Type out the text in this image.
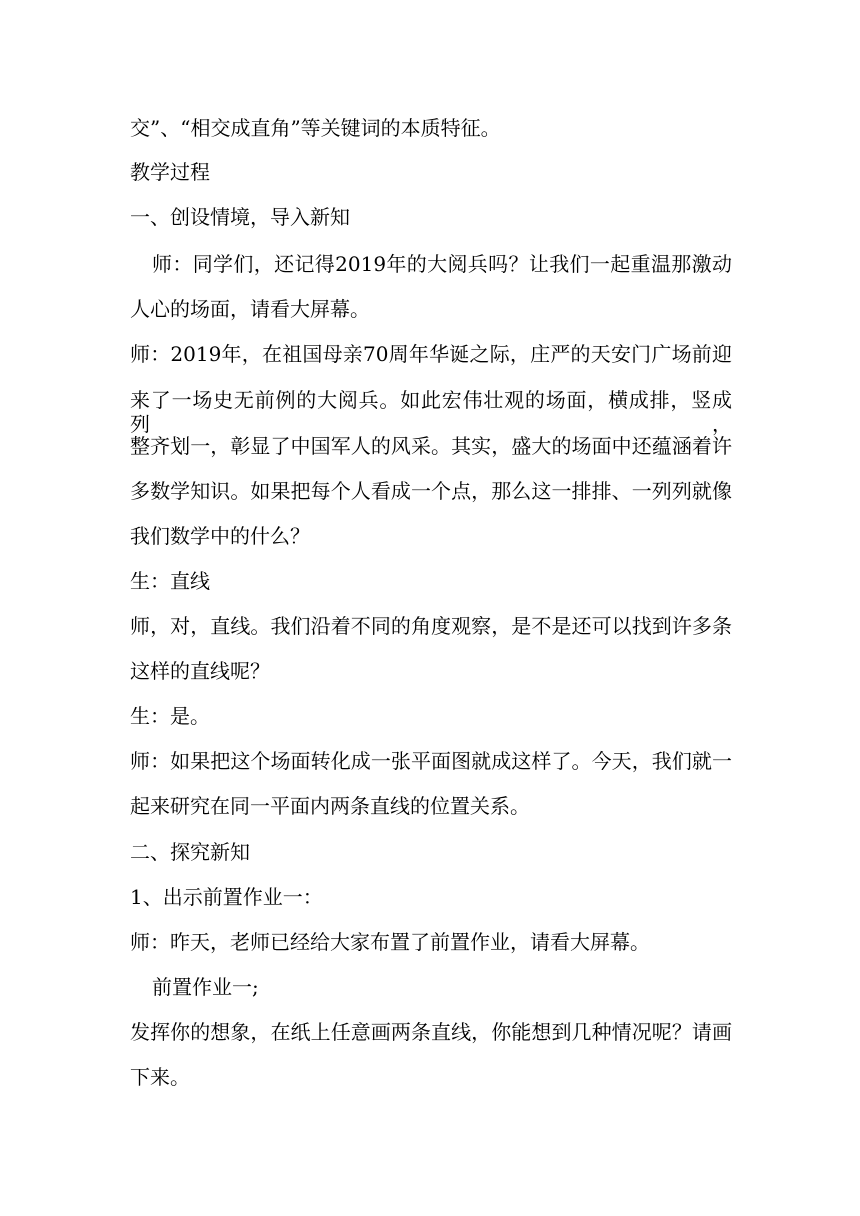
交”、“相交成直角”等关键词的本质特征。
教学过程
一、创设情境，导入新知
师：同学们，还记得2019年的大阅兵吗？让我们一起重温那激动
人心的场面，请看大屏幕。
师：2019年，在祖国母亲70周年华诞之际，庄严的天安门广场前迎
来了一场史无前例的大阅兵。如此宏伟壮观的场面，横成排，竖成列，
整齐划一，彰显了中国军人的风采。其实，盛大的场面中还蕴涵着许
多数学知识。如果把每个人看成一个点，那么这一排排、一列列就像
我们数学中的什么？
生：直线
师，对，直线。我们沿着不同的角度观察，是不是还可以找到许多条
这样的直线呢？
生：是。
师：如果把这个场面转化成一张平面图就成这样了。今天，我们就一
起来研究在同一平面内两条直线的位置关系。
二、探究新知
1、出示前置作业一：
师：昨天，老师已经给大家布置了前置作业，请看大屏幕。
前置作业一;
发挥你的想象，在纸上任意画两条直线，你能想到几种情况呢？请画
下来。
